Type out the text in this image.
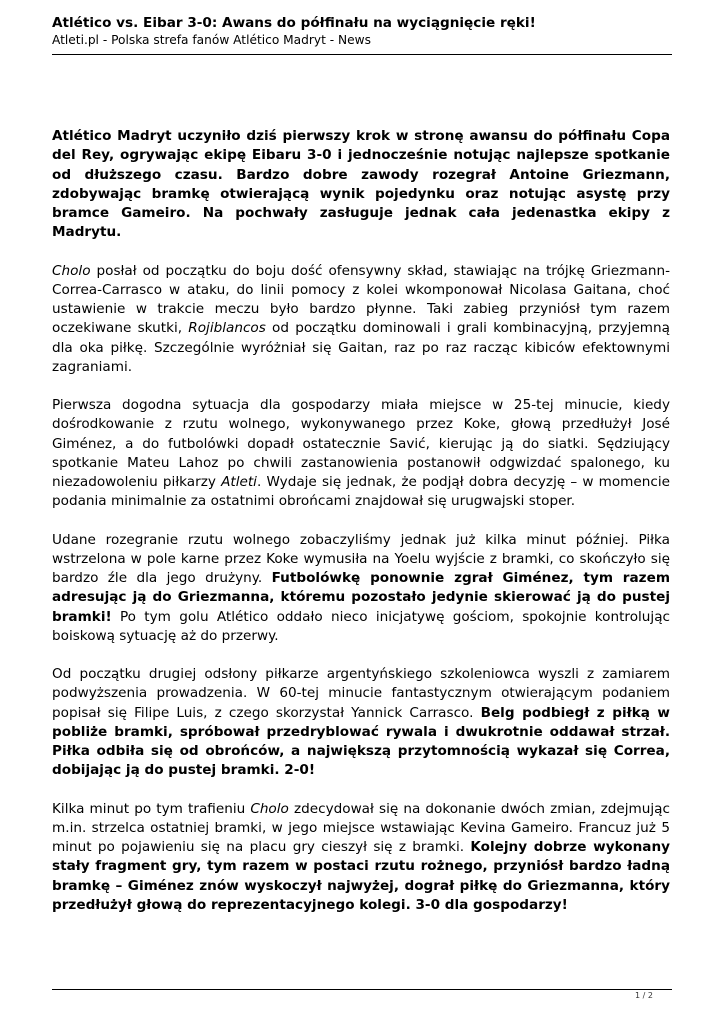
Atlético vs. Eibar 3-0: Awans do półfinału na wyciągnięcie ręki!
Atleti.pl - Polska strefa fanów Atlético Madryt - News

Atlético Madryt uczyniło dziś pierwszy krok w stronę awansu do półfinału Copa del Rey, ogrywając ekipę Eibaru 3-0 i jednocześnie notując najlepsze spotkanie od dłuższego czasu. Bardzo dobre zawody rozegrał Antoine Griezmann, zdobywając bramkę otwierającą wynik pojedynku oraz notując asystę przy bramce Gameiro. Na pochwały zasługuje jednak cała jedenastka ekipy z Madrytu.

Cholo posłał od początku do boju dość ofensywny skład, stawiając na trójkę Griezmann-Correa-Carrasco w ataku, do linii pomocy z kolei wkomponował Nicolasa Gaitana, choć ustawienie w trakcie meczu było bardzo płynne. Taki zabieg przyniósł tym razem oczekiwane skutki, Rojiblancos od początku dominowali i grali kombinacyjną, przyjemną dla oka piłkę. Szczególnie wyróżniał się Gaitan, raz po raz racząc kibiców efektownymi zagraniami.

Pierwsza dogodna sytuacja dla gospodarzy miała miejsce w 25-tej minucie, kiedy dośrodkowanie z rzutu wolnego, wykonywanego przez Koke, głową przedłużył José Giménez, a do futbolówki dopadł ostatecznie Savić, kierując ją do siatki. Sędziujący spotkanie Mateu Lahoz po chwili zastanowienia postanowił odgwizdać spalonego, ku niezadowoleniu piłkarzy Atleti. Wydaje się jednak, że podjął dobra decyzję – w momencie podania minimalnie za ostatnimi obrońcami znajdował się urugwajski stoper.

Udane rozegranie rzutu wolnego zobaczyliśmy jednak już kilka minut później. Piłka wstrzelona w pole karne przez Koke wymusiła na Yoelu wyjście z bramki, co skończyło się bardzo źle dla jego drużyny. Futbolówkę ponownie zgrał Giménez, tym razem adresując ją do Griezmanna, któremu pozostało jedynie skierować ją do pustej bramki! Po tym golu Atlético oddało nieco inicjatywę gościom, spokojnie kontrolując boiskową sytuację aż do przerwy.

Od początku drugiej odsłony piłkarze argentyńskiego szkoleniowca wyszli z zamiarem podwyższenia prowadzenia. W 60-tej minucie fantastycznym otwierającym podaniem popisał się Filipe Luis, z czego skorzystał Yannick Carrasco. Belg podbiegł z piłką w pobliże bramki, spróbował przedryblować rywala i dwukrotnie oddawał strzał. Piłka odbiła się od obrońców, a największą przytomnością wykazał się Correa, dobijając ją do pustej bramki. 2-0!

Kilka minut po tym trafieniu Cholo zdecydował się na dokonanie dwóch zmian, zdejmując m.in. strzelca ostatniej bramki, w jego miejsce wstawiając Kevina Gameiro. Francuz już 5 minut po pojawieniu się na placu gry cieszył się z bramki. Kolejny dobrze wykonany stały fragment gry, tym razem w postaci rzutu rożnego, przyniósł bardzo ładną bramkę – Giménez znów wyskoczył najwyżej, dograł piłkę do Griezmanna, który przedłużył głową do reprezentacyjnego kolegi. 3-0 dla gospodarzy!

1 / 2
